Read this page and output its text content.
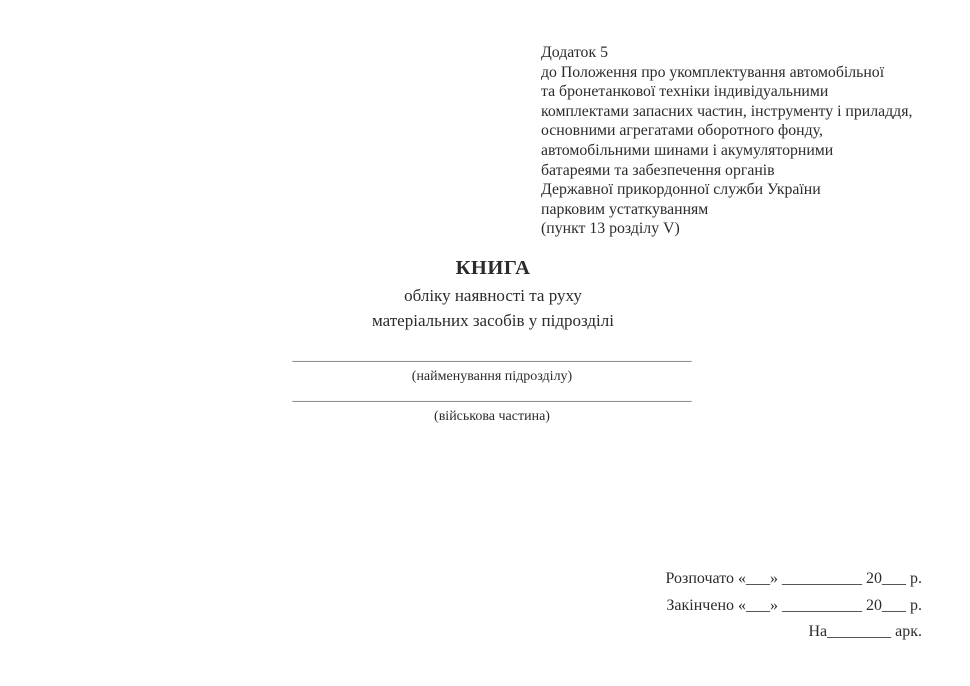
Додаток 5
до Положення про укомплектування автомобільної
та бронетанкової техніки індивідуальними
комплектами запасних частин, інструменту і приладдя,
основними агрегатами оборотного фонду,
автомобільними шинами і акумуляторними
батареями та забезпечення органів
Державної прикордонної служби України
парковим устаткуванням
(пункт 13 розділу V)
КНИГА
обліку наявності та руху
матеріальних засобів у підрозділі
_________________________________________________________
(найменування підрозділу)
_________________________________________________________
(військова частина)
Розпочато «___» __________ 20___ р.
Закінчено «___» __________ 20___ р.
На________ арк.
